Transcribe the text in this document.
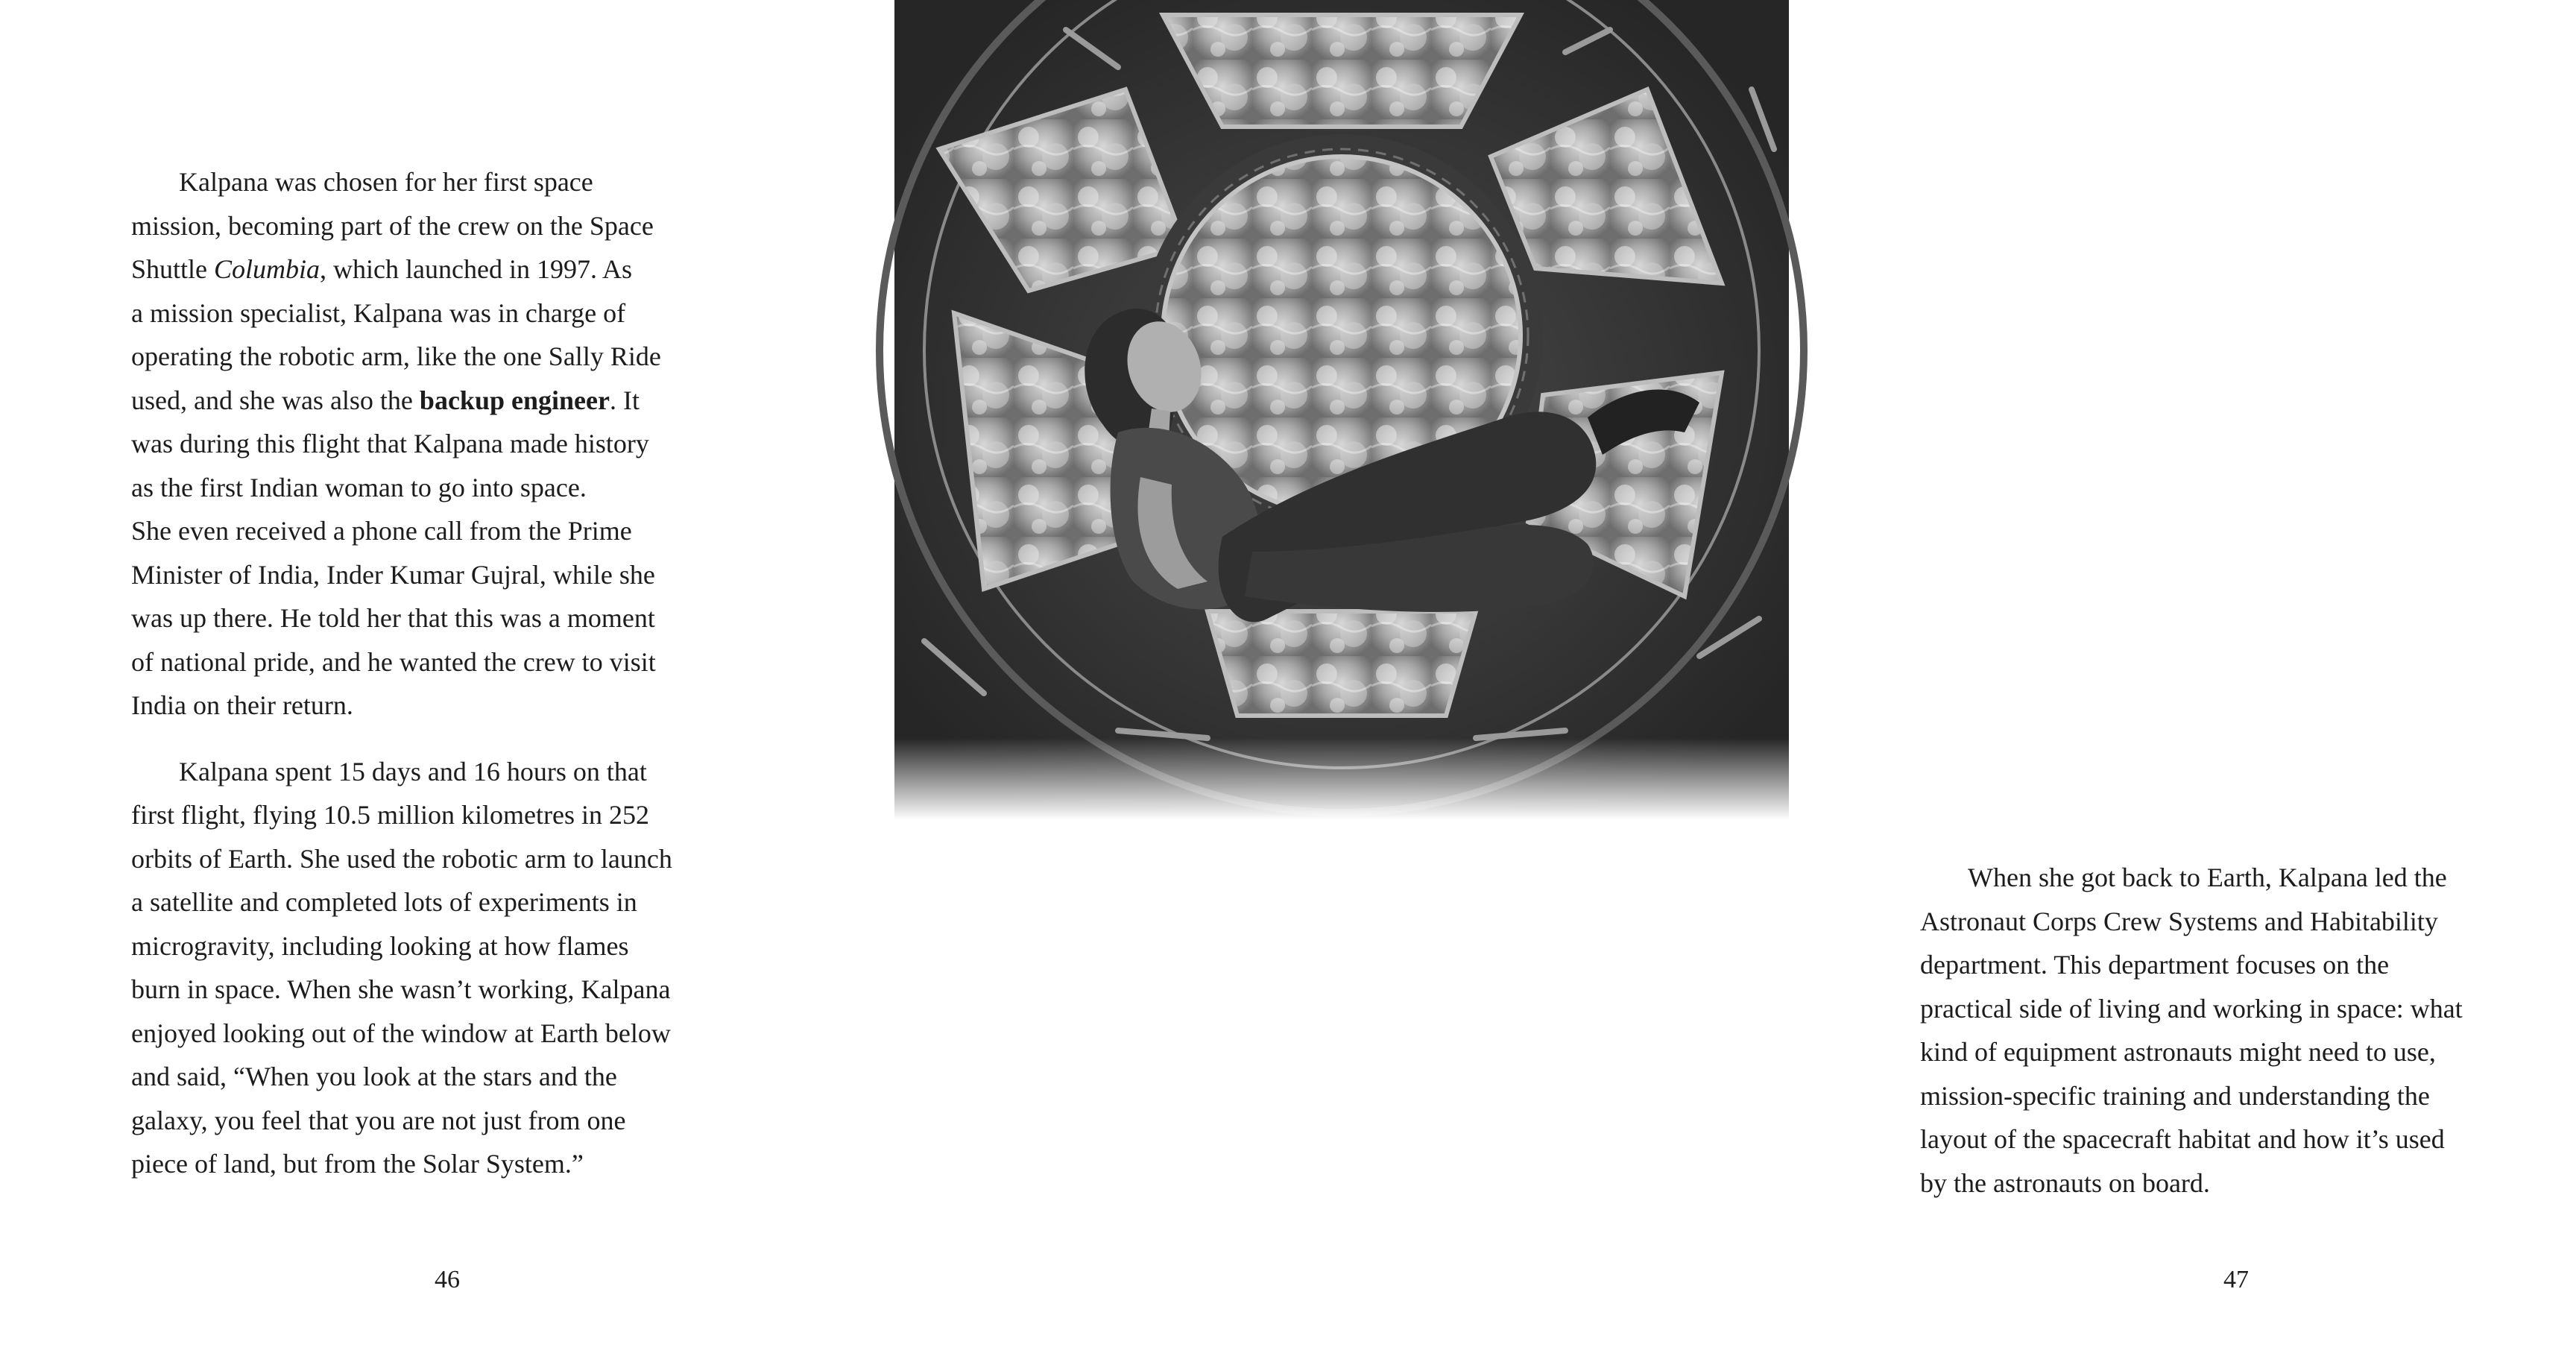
Kalpana was chosen for her first space
mission, becoming part of the crew on the Space
Shuttle Columbia, which launched in 1997. As
a mission specialist, Kalpana was in charge of
operating the robotic arm, like the one Sally Ride
used, and she was also the backup engineer. It
was during this flight that Kalpana made history
as the first Indian woman to go into space.
She even received a phone call from the Prime
Minister of India, Inder Kumar Gujral, while she
was up there. He told her that this was a moment
of national pride, and he wanted the crew to visit
India on their return.
Kalpana spent 15 days and 16 hours on that
first flight, flying 10.5 million kilometres in 252
orbits of Earth. She used the robotic arm to launch
a satellite and completed lots of experiments in
microgravity, including looking at how flames
burn in space. When she wasn’t working, Kalpana
enjoyed looking out of the window at Earth below
and said, “When you look at the stars and the
galaxy, you feel that you are not just from one
piece of land, but from the Solar System.”
46
When she got back to Earth, Kalpana led the
Astronaut Corps Crew Systems and Habitability
department. This department focuses on the
practical side of living and working in space: what
kind of equipment astronauts might need to use,
mission-specific training and understanding the
layout of the spacecraft habitat and how it’s used
by the astronauts on board.
47
